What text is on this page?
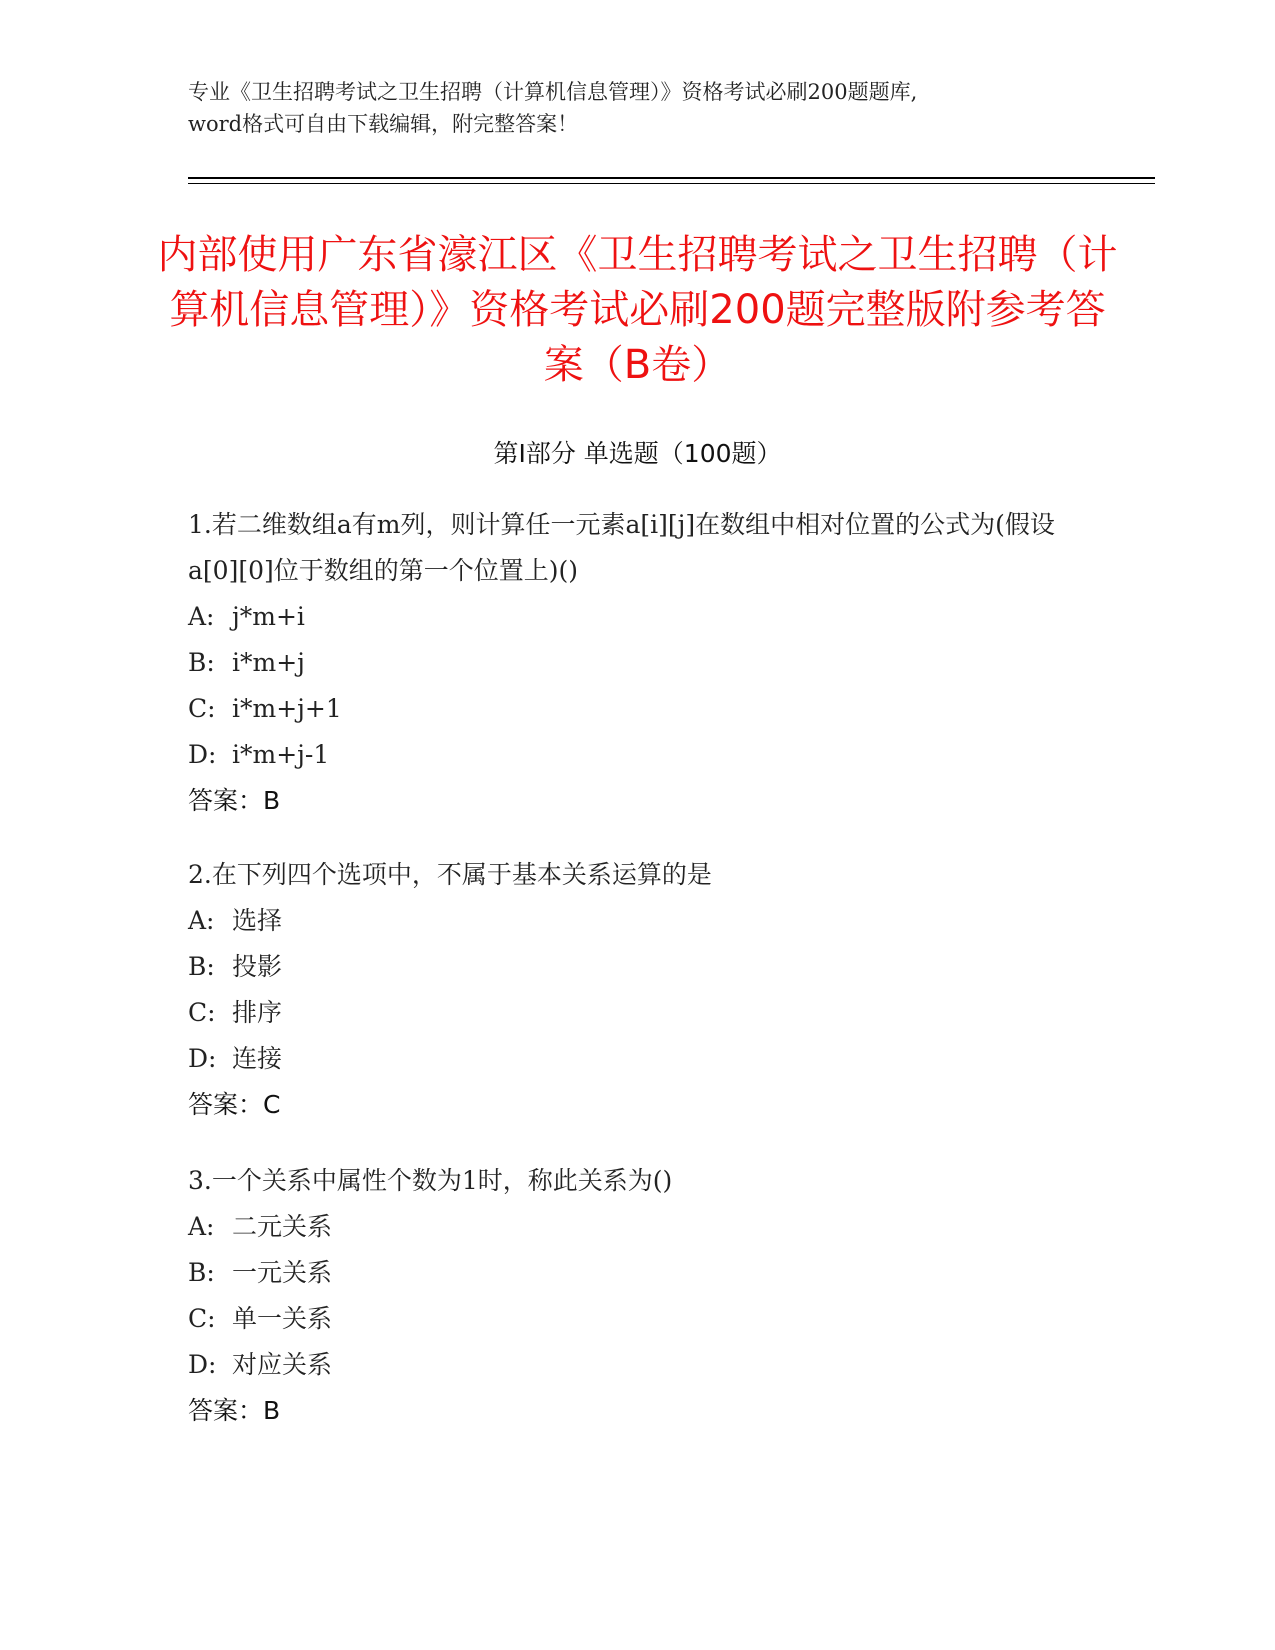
专业《卫生招聘考试之卫生招聘（计算机信息管理）》资格考试必刷200题题库,
word格式可自由下载编辑，附完整答案！
内部使用广东省濠江区《卫生招聘考试之卫生招聘（计算机信息管理）》资格考试必刷200题完整版附参考答案（B卷）
第Ⅰ部分 单选题（100题）

1.若二维数组a有m列，则计算任一元素a[i][j]在数组中相对位置的公式为(假设a[0][0]位于数组的第一个位置上)()

A: j*m+i
B: i*m+j
C: i*m+j+1
D: i*m+j-1
答案：B

2.在下列四个选项中，不属于基本关系运算的是

A: 选择
B: 投影
C: 排序
D: 连接
答案：C

3.一个关系中属性个数为1时，称此关系为()

A: 二元关系
B: 一元关系
C: 单一关系
D: 对应关系
答案：B
